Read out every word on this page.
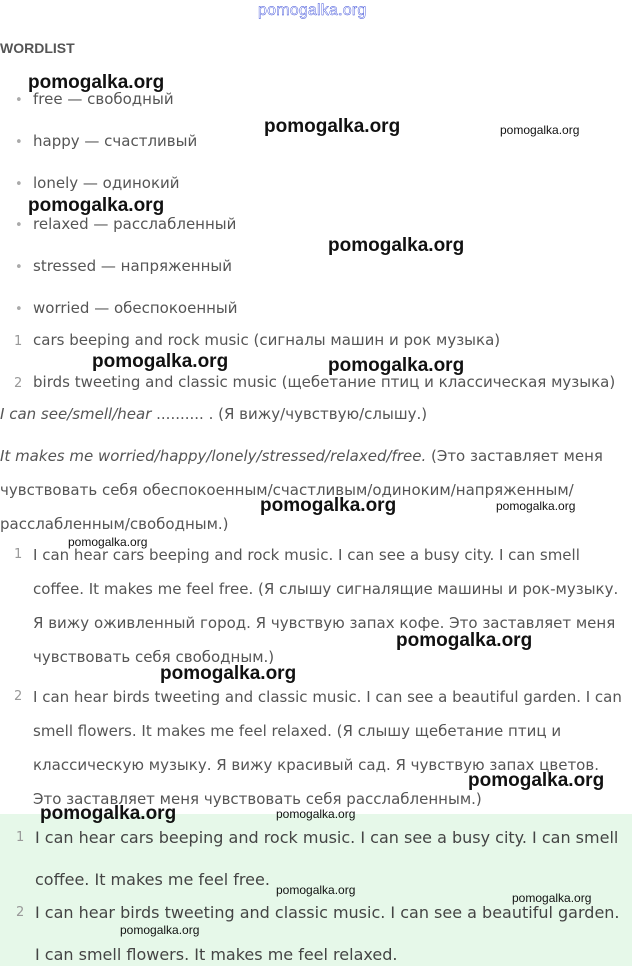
pomogalka.org
WORDLIST
• free — свободный
• happy — счастливый
• lonely — одинокий
• relaxed — расслабленный
• stressed — напряженный
• worried — обеспокоенный
1 cars beeping and rock music (сигналы машин и рок музыка)
2 birds tweeting and classic music (щебетание птиц и классическая музыка)
I can see/smell/hear .......... . (Я вижу/чувствую/слышу.)
It makes me worried/happy/lonely/stressed/relaxed/free. (Это заставляет меня чувствовать себя обеспокоенным/счастливым/одиноким/напряженным/расслабленным/свободным.)
1 I can hear cars beeping and rock music. I can see a busy city. I can smell coffee. It makes me feel free. (Я слышу сигналящие машины и рок-музыку. Я вижу оживленный город. Я чувствую запах кофе. Это заставляет меня чувствовать себя свободным.)
2 I can hear birds tweeting and classic music. I can see a beautiful garden. I can smell flowers. It makes me feel relaxed. (Я слышу щебетание птиц и классическую музыку. Я вижу красивый сад. Я чувствую запах цветов. Это заставляет меня чувствовать себя расслабленным.)
1 I can hear cars beeping and rock music. I can see a busy city. I can smell coffee. It makes me feel free.
2 I can hear birds tweeting and classic music. I can see a beautiful garden. I can smell flowers. It makes me feel relaxed.
pomogalka.org
pomogalka.org	pomogalka.org
pomogalka.org
pomogalka.org
pomogalka.org	pomogalka.org
pomogalka.org	pomogalka.org
pomogalka.org
pomogalka.org
pomogalka.org
pomogalka.org
pomogalka.org	pomogalka.org
pomogalka.org
pomogalka.org
pomogalka.org
